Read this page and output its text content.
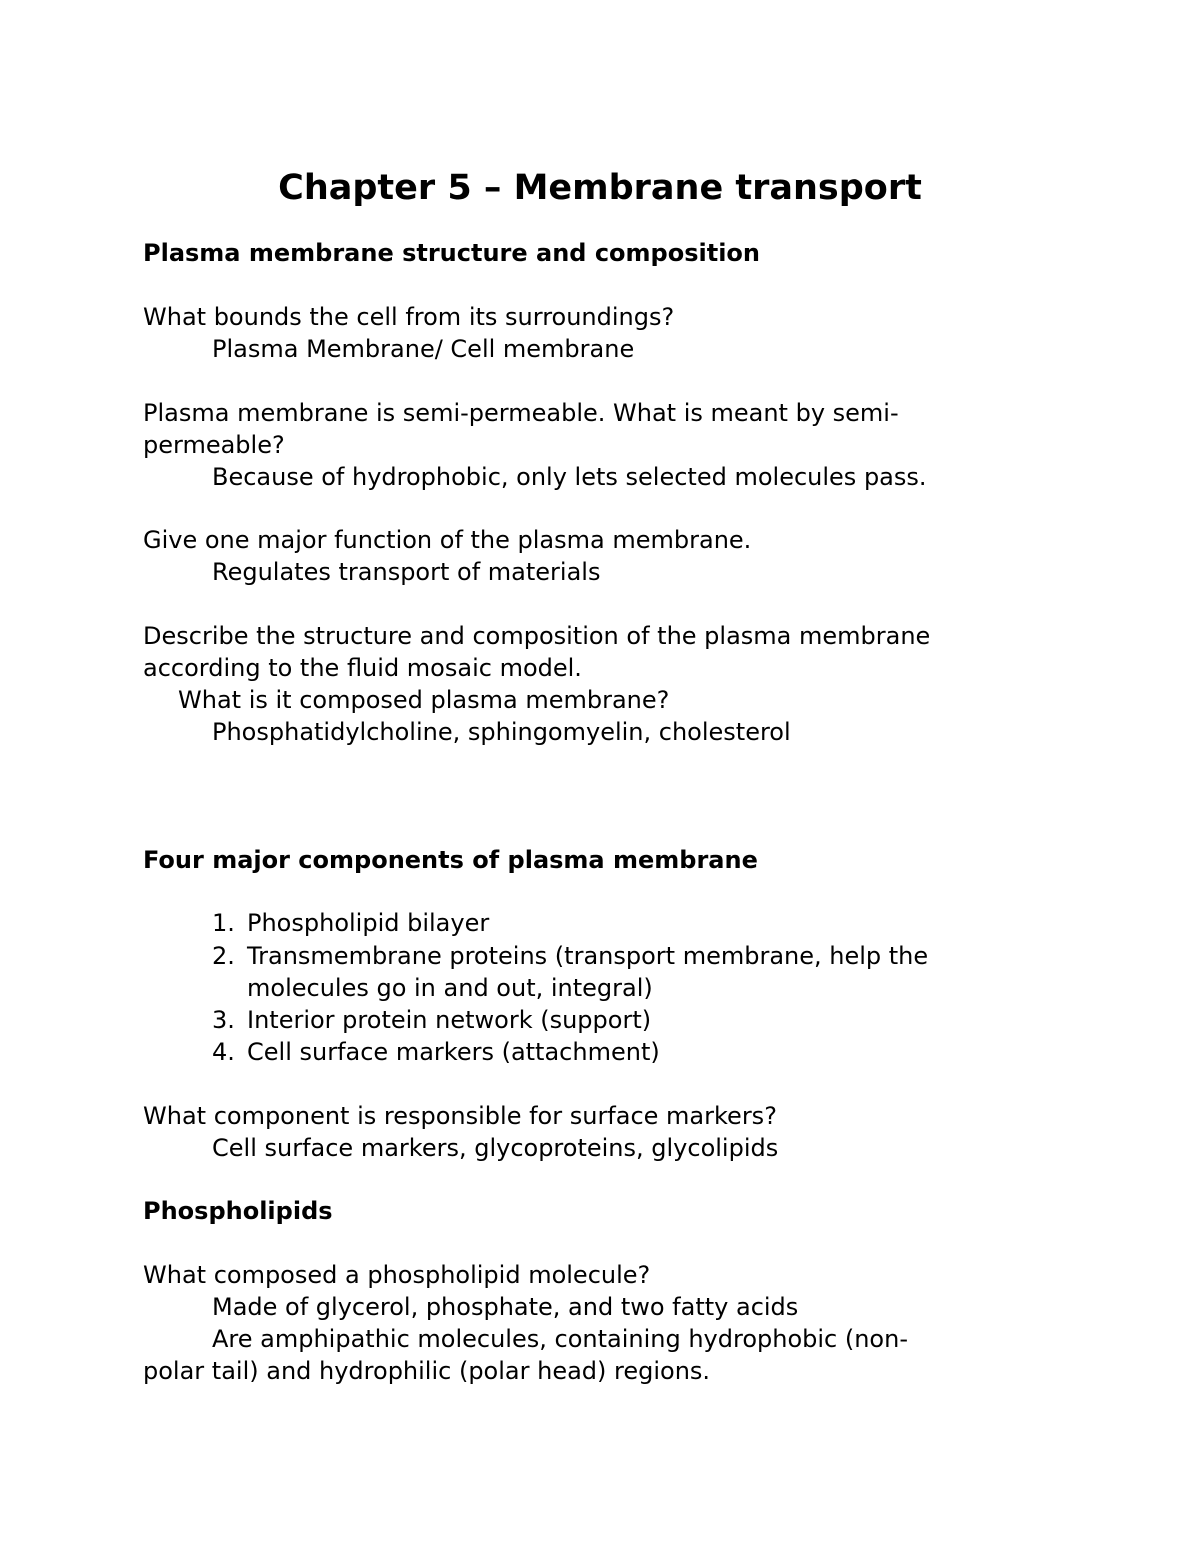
Chapter 5 – Membrane transport
Plasma membrane structure and composition
What bounds the cell from its surroundings?
Plasma Membrane/ Cell membrane
Plasma membrane is semi-permeable. What is meant by semi-
permeable?
Because of hydrophobic, only lets selected molecules pass.
Give one major function of the plasma membrane.
Regulates transport of materials
Describe the structure and composition of the plasma membrane
according to the fluid mosaic model.
What is it composed plasma membrane?
Phosphatidylcholine, sphingomyelin, cholesterol
Four major components of plasma membrane
1. Phospholipid bilayer
2. Transmembrane proteins (transport membrane, help the
molecules go in and out, integral)
3. Interior protein network (support)
4. Cell surface markers (attachment)
What component is responsible for surface markers?
Cell surface markers, glycoproteins, glycolipids
Phospholipids
What composed a phospholipid molecule?
Made of glycerol, phosphate, and two fatty acids
Are amphipathic molecules, containing hydrophobic (non-
polar tail) and hydrophilic (polar head) regions.
